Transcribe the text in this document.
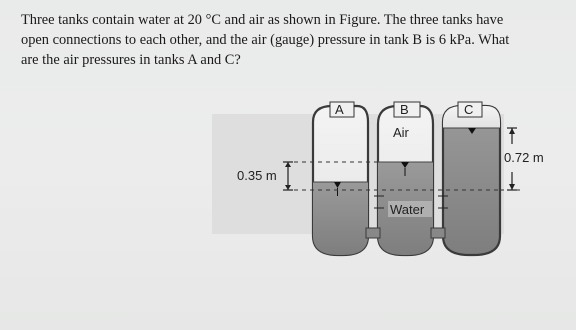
Three tanks contain water at 20 °C and air as shown in Figure. The three tanks have
open connections to each other, and the air (gauge) pressure in tank B is 6 kPa. What
are the air pressures in tanks A and C?
A	B	C
Air
Water
0.35 m
0.72 m
